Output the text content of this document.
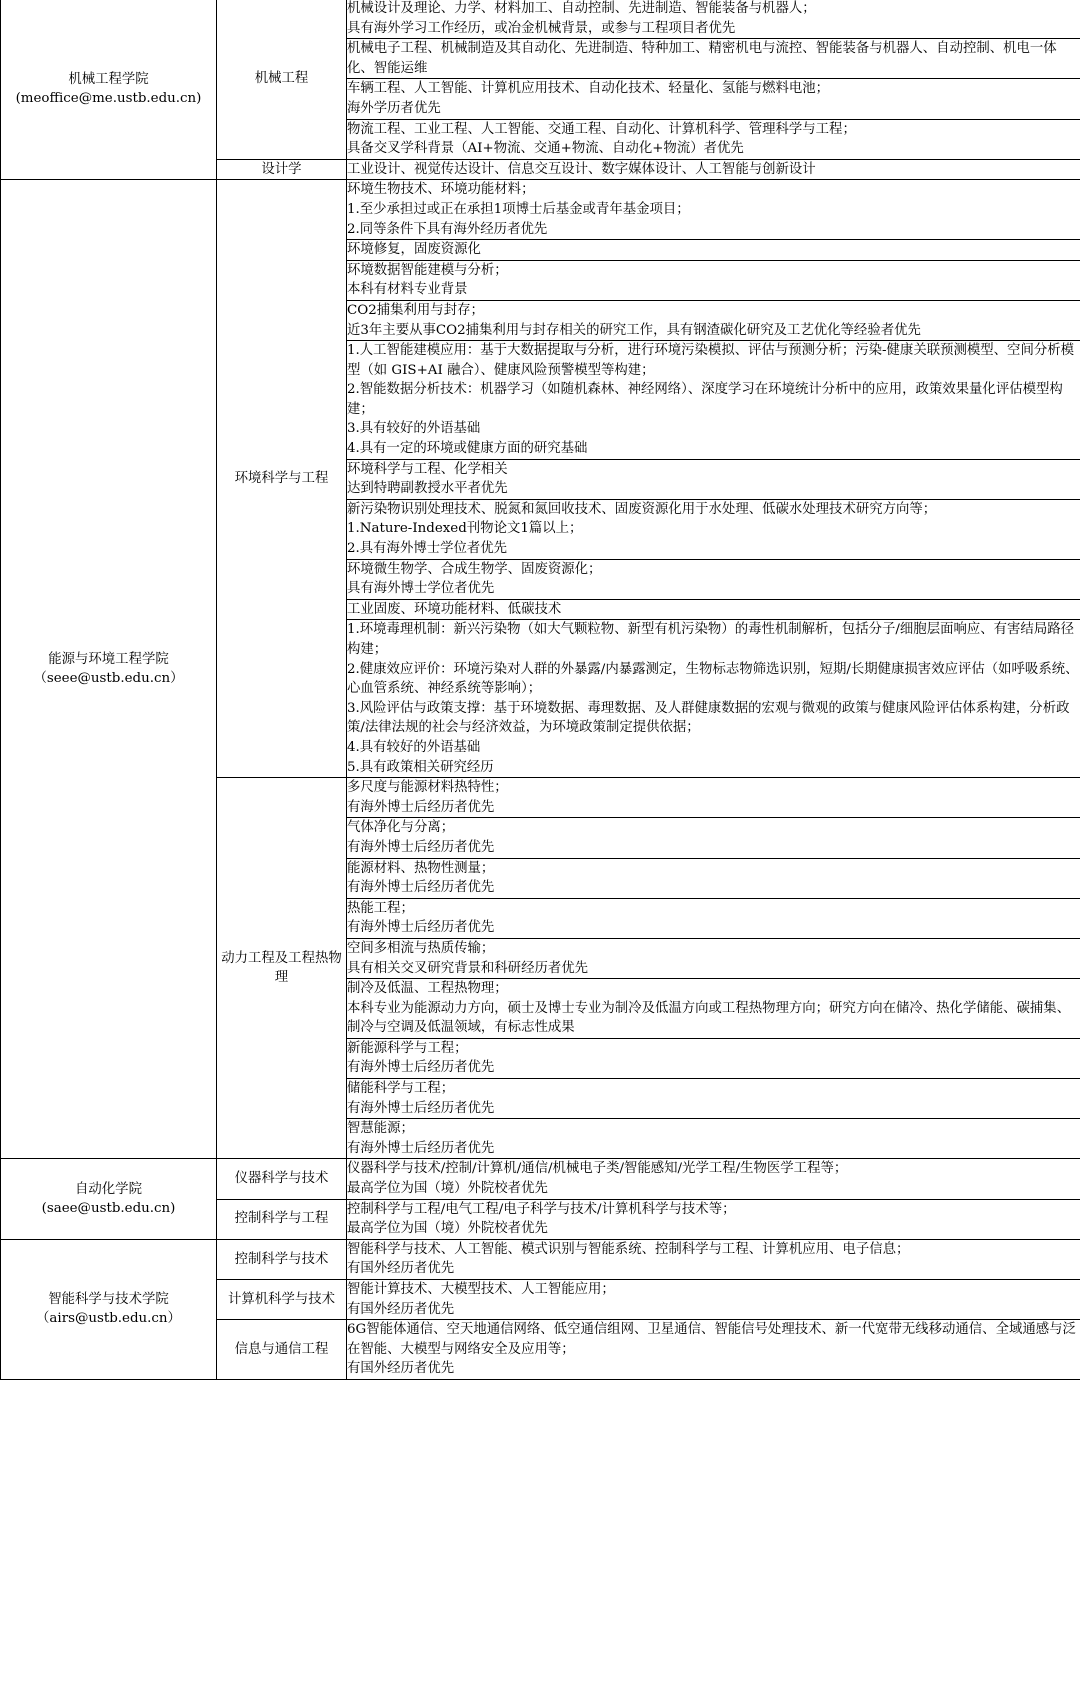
机械工程学院
(meoffice@me.ustb.edu.cn)	机械工程	机械设计及理论、力学、材料加工、自动控制、先进制造、智能装备与机器人；
具有海外学习工作经历，或冶金机械背景，或参与工程项目者优先

		机械电子工程、机械制造及其自动化、先进制造、特种加工、精密机电与流控、智能装备与机器人、自动控制、机电一体化、智能运维

		车辆工程、人工智能、计算机应用技术、自动化技术、轻量化、氢能与燃料电池；
海外学历者优先

		物流工程、工业工程、人工智能、交通工程、自动化、计算机科学、管理科学与工程；
具备交叉学科背景（AI+物流、交通+物流、自动化+物流）者优先

	设计学	工业设计、视觉传达设计、信息交互设计、数字媒体设计、人工智能与创新设计

能源与环境工程学院
（seee@ustb.edu.cn）	环境科学与工程	环境生物技术、环境功能材料；
1.至少承担过或正在承担1项博士后基金或青年基金项目；
2.同等条件下具有海外经历者优先

		环境修复，固废资源化

		环境数据智能建模与分析；
本科有材料专业背景

		CO2捕集利用与封存；
近3年主要从事CO2捕集利用与封存相关的研究工作，具有钢渣碳化研究及工艺优化等经验者优先

		1.人工智能建模应用：基于大数据提取与分析，进行环境污染模拟、评估与预测分析；污染-健康关联预测模型、空间分析模型（如 GIS+AI 融合）、健康风险预警模型等构建；
2.智能数据分析技术：机器学习（如随机森林、神经网络）、深度学习在环境统计分析中的应用，政策效果量化评估模型构建；
3.具有较好的外语基础
4.具有一定的环境或健康方面的研究基础

		环境科学与工程、化学相关
达到特聘副教授水平者优先

		新污染物识别处理技术、脱氮和氮回收技术、固废资源化用于水处理、低碳水处理技术研究方向等；
1.Nature-Indexed刊物论文1篇以上；
2.具有海外博士学位者优先

		环境微生物学、合成生物学、固废资源化；
具有海外博士学位者优先

		工业固废、环境功能材料、低碳技术

		1.环境毒理机制：新兴污染物（如大气颗粒物、新型有机污染物）的毒性机制解析，包括分子/细胞层面响应、有害结局路径构建；
2.健康效应评价：环境污染对人群的外暴露/内暴露测定，生物标志物筛选识别，短期/长期健康损害效应评估（如呼吸系统、心血管系统、神经系统等影响）；
3.风险评估与政策支撑：基于环境数据、毒理数据、及人群健康数据的宏观与微观的政策与健康风险评估体系构建，分析政策/法律法规的社会与经济效益，为环境政策制定提供依据；
4.具有较好的外语基础
5.具有政策相关研究经历

	动力工程及工程热物理	多尺度与能源材料热特性；
有海外博士后经历者优先

		气体净化与分离；
有海外博士后经历者优先

		能源材料、热物性测量；
有海外博士后经历者优先

		热能工程；
有海外博士后经历者优先

		空间多相流与热质传输；
具有相关交叉研究背景和科研经历者优先

		制冷及低温、工程热物理；
本科专业为能源动力方向，硕士及博士专业为制冷及低温方向或工程热物理方向；研究方向在储冷、热化学储能、碳捕集、制冷与空调及低温领域，有标志性成果

		新能源科学与工程；
有海外博士后经历者优先

		储能科学与工程；
有海外博士后经历者优先

		智慧能源；
有海外博士后经历者优先

自动化学院
(saee@ustb.edu.cn)	仪器科学与技术	仪器科学与技术/控制/计算机/通信/机械电子类/智能感知/光学工程/生物医学工程等；
最高学位为国（境）外院校者优先

	控制科学与工程	控制科学与工程/电气工程/电子科学与技术/计算机科学与技术等；
最高学位为国（境）外院校者优先

智能科学与技术学院
（airs@ustb.edu.cn）	控制科学与技术	智能科学与技术、人工智能、模式识别与智能系统、控制科学与工程、计算机应用、电子信息；
有国外经历者优先

	计算机科学与技术	智能计算技术、大模型技术、人工智能应用；
有国外经历者优先

	信息与通信工程	6G智能体通信、空天地通信网络、低空通信组网、卫星通信、智能信号处理技术、新一代宽带无线移动通信、全域通感与泛在智能、大模型与网络安全及应用等；
有国外经历者优先
